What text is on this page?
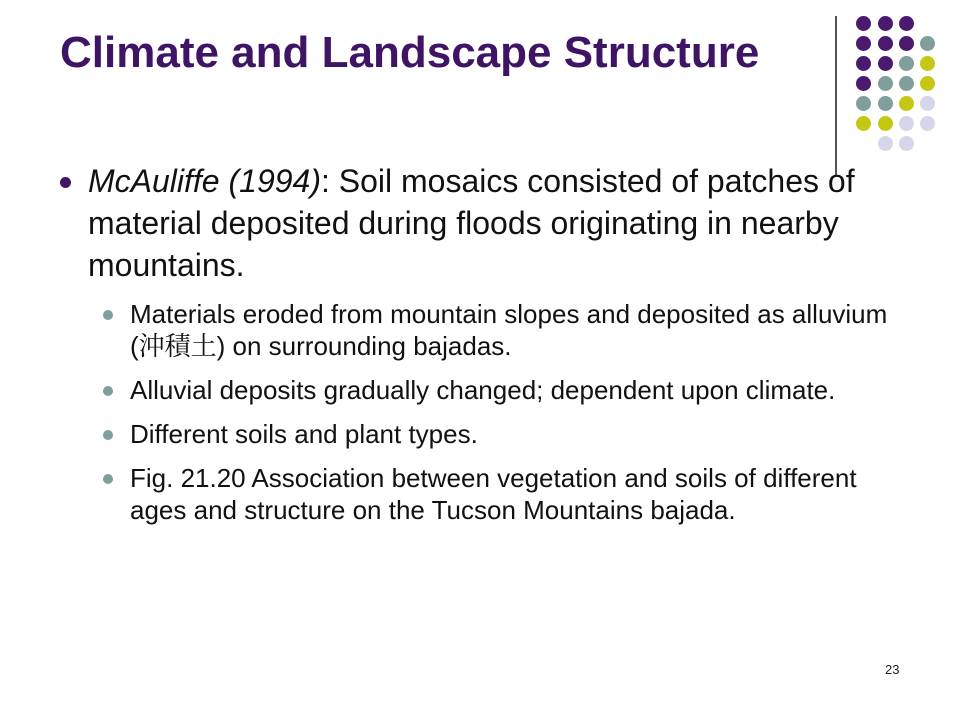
Climate and Landscape Structure

McAuliffe (1994): Soil mosaics consisted of patches of material deposited during floods originating in nearby mountains.

Materials eroded from mountain slopes and deposited as alluvium (沖積土) on surrounding bajadas.

Alluvial deposits gradually changed; dependent upon climate.

Different soils and plant types.

Fig. 21.20 Association between vegetation and soils of different ages and structure on the Tucson Mountains bajada.

23
